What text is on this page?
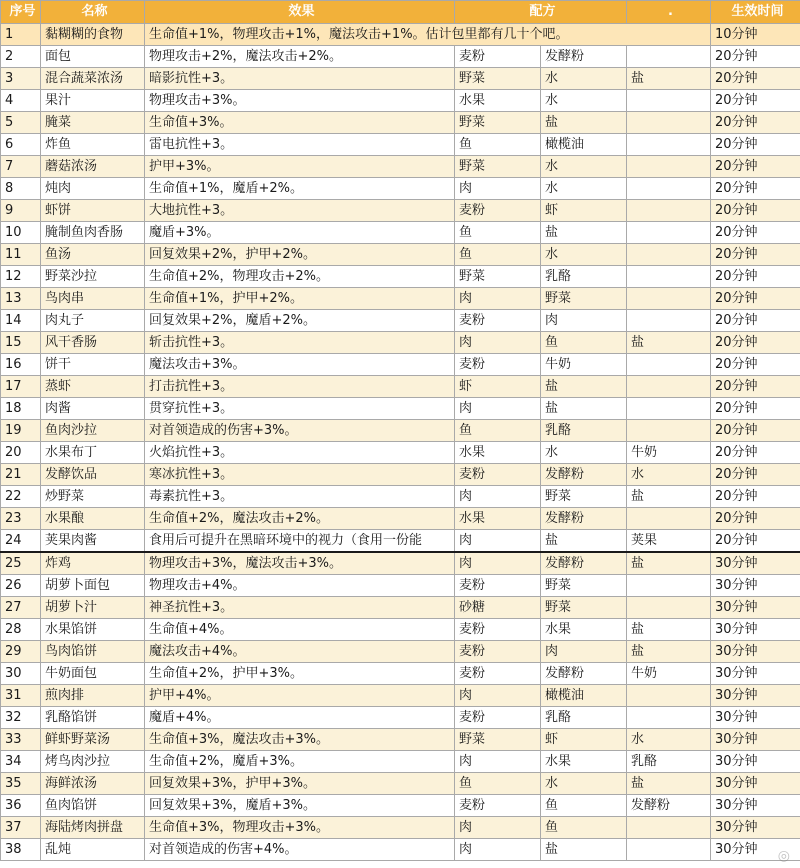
序号	名称	效果	配方		.	生效时间
1	黏糊糊的食物	生命值+1%，物理攻击+1%，魔法攻击+1%。估计包里都有几十个吧。				10分钟
2	面包	物理攻击+2%，魔法攻击+2%。	麦粉	发酵粉		20分钟
3	混合蔬菜浓汤	暗影抗性+3。	野菜	水	盐	20分钟
4	果汁	物理攻击+3%。	水果	水		20分钟
5	腌菜	生命值+3%。	野菜	盐		20分钟
6	炸鱼	雷电抗性+3。	鱼	橄榄油		20分钟
7	蘑菇浓汤	护甲+3%。	野菜	水		20分钟
8	炖肉	生命值+1%，魔盾+2%。	肉	水		20分钟
9	虾饼	大地抗性+3。	麦粉	虾		20分钟
10	腌制鱼肉香肠	魔盾+3%。	鱼	盐		20分钟
11	鱼汤	回复效果+2%，护甲+2%。	鱼	水		20分钟
12	野菜沙拉	生命值+2%，物理攻击+2%。	野菜	乳酪		20分钟
13	鸟肉串	生命值+1%，护甲+2%。	肉	野菜		20分钟
14	肉丸子	回复效果+2%，魔盾+2%。	麦粉	肉		20分钟
15	风干香肠	斩击抗性+3。	肉	鱼	盐	20分钟
16	饼干	魔法攻击+3%。	麦粉	牛奶		20分钟
17	蒸虾	打击抗性+3。	虾	盐		20分钟
18	肉酱	贯穿抗性+3。	肉	盐		20分钟
19	鱼肉沙拉	对首领造成的伤害+3%。	鱼	乳酪		20分钟
20	水果布丁	火焰抗性+3。	水果	水	牛奶	20分钟
21	发酵饮品	寒冰抗性+3。	麦粉	发酵粉	水	20分钟
22	炒野菜	毒素抗性+3。	肉	野菜	盐	20分钟
23	水果酿	生命值+2%，魔法攻击+2%。	水果	发酵粉		20分钟
24	荚果肉酱	食用后可提升在黑暗环境中的视力（食用一份能	肉	盐	荚果	20分钟
25	炸鸡	物理攻击+3%，魔法攻击+3%。	肉	发酵粉	盐	30分钟
26	胡萝卜面包	物理攻击+4%。	麦粉	野菜		30分钟
27	胡萝卜汁	神圣抗性+3。	砂糖	野菜		30分钟
28	水果馅饼	生命值+4%。	麦粉	水果	盐	30分钟
29	鸟肉馅饼	魔法攻击+4%。	麦粉	肉	盐	30分钟
30	牛奶面包	生命值+2%，护甲+3%。	麦粉	发酵粉	牛奶	30分钟
31	煎肉排	护甲+4%。	肉	橄榄油		30分钟
32	乳酪馅饼	魔盾+4%。	麦粉	乳酪		30分钟
33	鲜虾野菜汤	生命值+3%，魔法攻击+3%。	野菜	虾	水	30分钟
34	烤鸟肉沙拉	生命值+2%，魔盾+3%。	肉	水果	乳酪	30分钟
35	海鲜浓汤	回复效果+3%，护甲+3%。	鱼	水	盐	30分钟
36	鱼肉馅饼	回复效果+3%，魔盾+3%。	麦粉	鱼	发酵粉	30分钟
37	海陆烤肉拼盘	生命值+3%，物理攻击+3%。	肉	鱼		30分钟
38	乱炖	对首领造成的伤害+4%。	肉	盐		30分钟 ◎
